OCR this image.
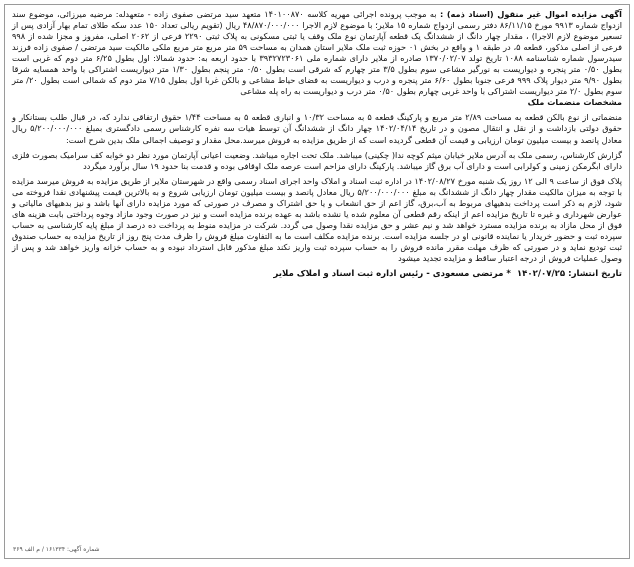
آگهی مزایده اموال غیر منقول (اسناد ذمه) : به موجب پرونده اجرائی مهریه کلاسه ۱۴۰۱۰۰۸۷۰ متعهد سید مرتضی صفوی زاده - متعهدله: مرضیه میرزائی، موضوع سند ازدواج شماره ۹۹۱۳ مورخ ۸۶/۱۱/۱۵ دفتر رسمی ازدواج شماره ۱۵ ملایر؛ با موضوع لازم الاجرا ۴۸/۸۷۰/۰۰۰/۰۰۰ ریال (تقویم ریالی تعداد ۱۵۰ عدد سکه طلای تمام بهار آزادی پس از تسعیر موضوع لازم الاجرا) ، مقدار چهار دانگ از ششدانگ یک قطعه آپارتمان نوع ملک وقف یا ثبتی مسکونی به پلاک ثبتی ۲۲۹۰ فرعی از ۲۰۶۲ اصلی، مفروز و مجزا شده از ۹۹۸ فرعی از اصلی مذکور، قطعه ۵، در طبقه ۱ و واقع در بخش ۰۱ حوزه ثبت ملک ملایر استان همدان به مساحت ۵۹ متر مربع متر مربع ملکی مالکیت سید مرتضی / صفوی زاده فرزند سیدرسول شماره شناسنامه ۱۰۸۸ تاریخ تولد ۱۳۷۰/۰۲/۰۷ صادره از ملایر دارای شماره ملی ۳۹۳۲۷۲۳۰۶۱ با حدود اربعه به: حدود شمالا: اول بطول ۶/۲۵ متر دوم که غربی است بطول ۰/۵۰ متر پنجره و دیواریست به نورگیر مشاعی سوم بطول ۳/۵ متر چهارم که شرقی است بطول ۰/۵۰ متر پنجم بطول ۱/۳۰ متر دیواریست اشتراکی با واحد همسایه شرقا بطول ۹/۹۰ متر دیوار پلاک ۹۹۹ فرعی جنوبا بطول ۶/۶۰ متر پنجره و درب و دیواریست به فضای حیاط مشاعی و بالکن غربا اول بطول ۷/۱۵ متر دوم که شمالی است بطول ۲۰/ متر سوم بطول ۲/۰ متر دیواریست اشتراکی با واحد غربی چهارم بطول ۰/۵۰ متر درب و دیواریست به راه پله مشاعی

مشخصات منضمات ملک

منضماتی از نوع بالکن قطعه به مساحت ۲/۸۹ متر مربع و پارکینگ قطعه ۵ به مساحت ۱۰/۳۲ و انباری قطعه ۵ به مساحت ۱/۴۴ حقوق ارتفاقی ندارد که، در قبال طلب بستانکار و حقوق دولتی بازداشت و از نقل و انتقال مصون و در تاریخ ۱۴۰۲/۰۴/۱۴ چهار دانگ از ششدانگ آن توسط هیات سه نفره کارشناس رسمی دادگستری بمبلغ ۵/۲۰۰/۰۰۰/۰۰۰ ریال معادل پانصد و بیست میلیون تومان ارزیابی و قیمت آن قطعی گردیده است که از طریق مزایده به فروش میرسد.محل مقدار و توصیف اجمالی ملک بدین شرح است:

گزارش کارشناس، رسمی ملک به آدرس ملایر خیابان میثم کوچه ندا( چکینی) میباشد. ملک تحت اجاره میباشد. وضعیت اعیانی آپارتمان مورد نظر دو خوابه کف سرامیک بصورت فلزی دارای ابگرمکن زمینی و کولرابی است و دارای آب برق گاز میباشد. پارکینگ دارای مزاحم است عرصه ملک اوقافی بوده و قدمت بنا حدود ۱۹ سال برآورد میگردد

پلاک فوق از ساعت ۹ الی ۱۲ روز یک شنبه مورخ ۱۴۰۲/۰۸/۲۷ در اداره ثبت اسناد و املاک واحد اجرای اسناد رسمی واقع در شهرستان ملایر از طریق مزایده به فروش میرسد مزایده با توجه به میزان مالکیت مقدار چهار دانگ از ششدانگ به مبلغ ۵/۲۰۰/۰۰۰/۰۰۰ ریال معادل پانصد و بیست میلیون تومان ارزیابی شروع و به بالاترین قیمت پیشنهادی نقدا فروخته می شود، لازم به ذکر است پرداخت بدهیهای مربوط به آب،برق، گاز اعم از حق انشعاب و یا حق اشتراک و مصرف در صورتی که مورد مزایده دارای آنها باشد و نیز بدهیهای مالیاتی و عوارض شهرداری و غیره تا تاریخ مزایده اعم از اینکه رقم قطعی آن معلوم شده یا نشده باشد به عهده برنده مزایده است و نیز در صورت وجود مازاد وجوه پرداختی بابت هزینه های فوق از محل مازاد به برنده مزایده مسترد خواهد شد و نیم عشر و حق مزایده نقدا وصول می گردد. شرکت در مزایده منوط به پرداخت ده درصد از مبلغ پایه کارشناسی به حساب سپرده ثبت و حضور خریدار یا نماینده قانونی او در جلسه مزایده است. برنده مزایده مکلف است ما به التفاوت مبلغ فروش را ظرف مدت پنج روز از تاریخ مزایده به حساب صندوق ثبت تودیع نماید و در صورتی که ظرف مهلت مقرر مانده فروش را به حساب سپرده ثبت واریز نکند مبلغ مذکور قابل استرداد نبوده و به حساب خزانه واریز خواهد شد و پس از وصول عملیات فروش از درجه اعتبار ساقط و مزایده تجدید میشود

تاریخ انتشار: ۱۴۰۲/۰۷/۲۵* مرتضی مسعودی - رئیس اداره ثبت اسناد و املاک ملایر

شماره آگهی: ۱۶۱۳۳۴ / م الف ۳۶۹
